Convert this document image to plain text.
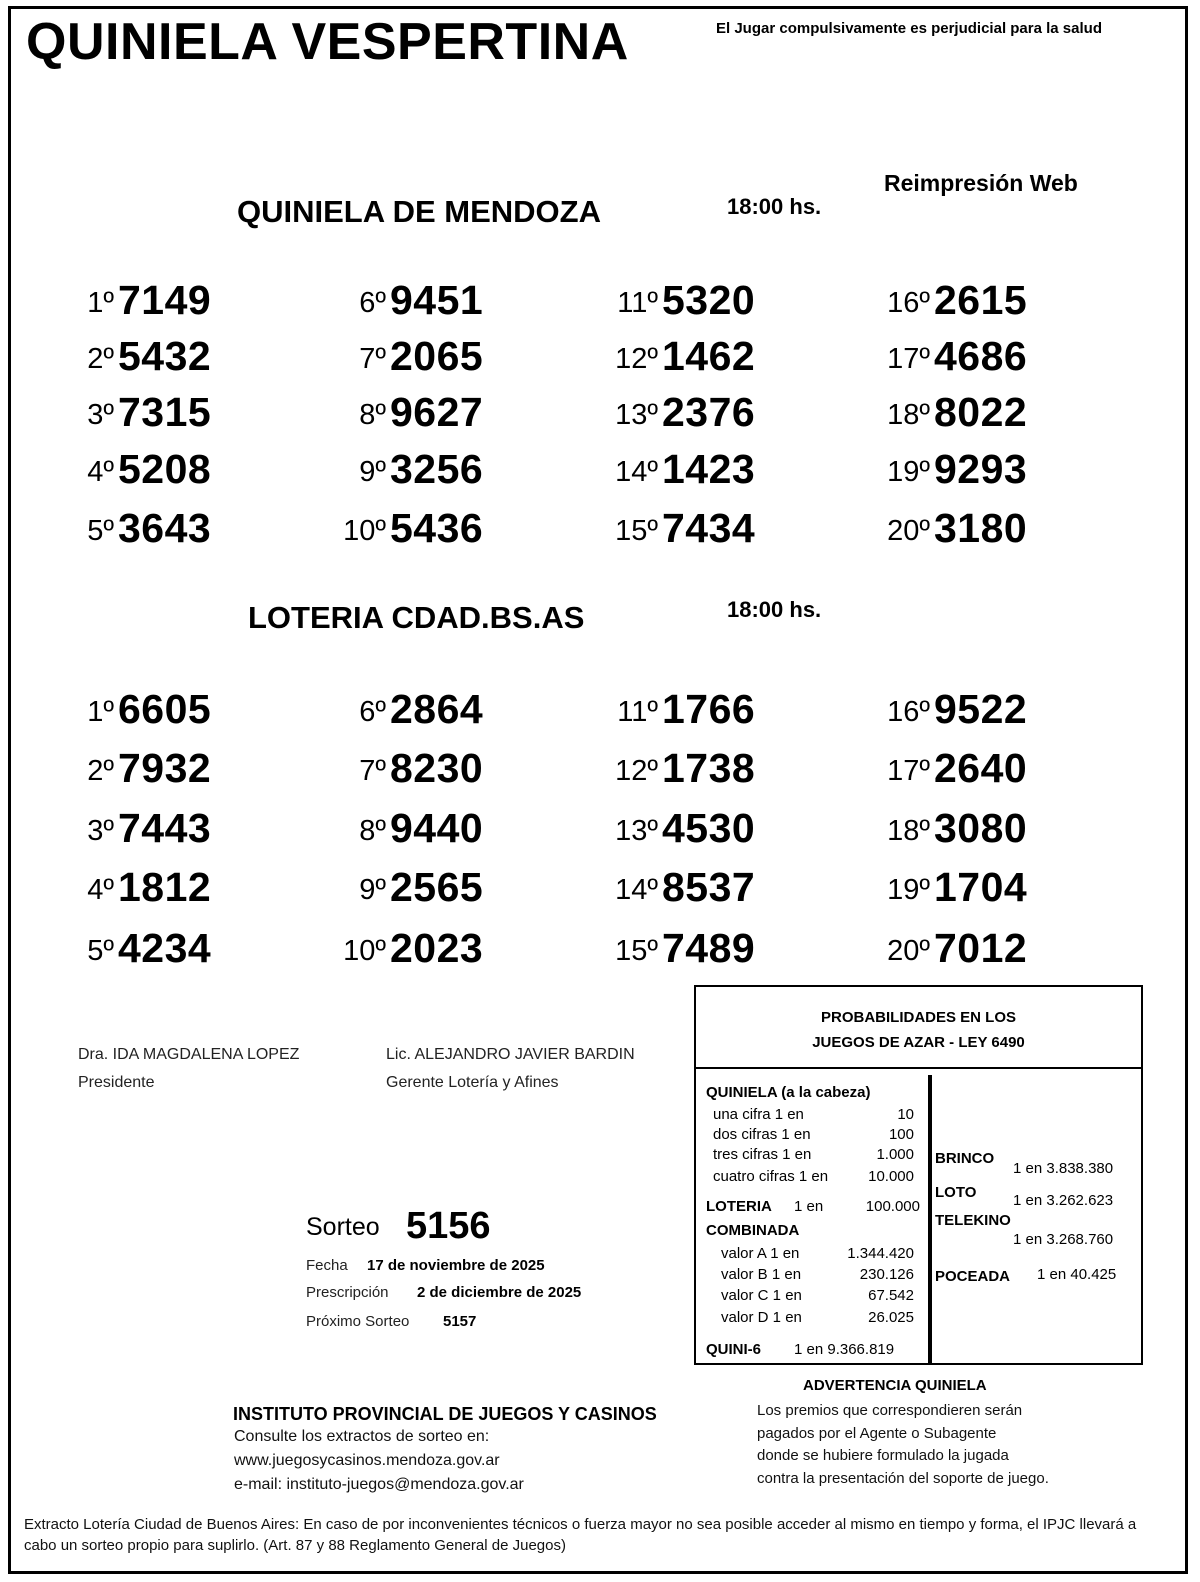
QUINIELA VESPERTINA	El Jugar compulsivamente es perjudicial para la salud
Reimpresión Web
QUINIELA DE MENDOZA	18:00 hs.
1º 7149
2º 5432
3º 7315
4º 5208
5º 3643
6º 9451
7º 2065
8º 9627
9º 3256
10º 5436
11º 5320
12º 1462
13º 2376
14º 1423
15º 7434
16º 2615
17º 4686
18º 8022
19º 9293
20º 3180
LOTERIA CDAD.BS.AS	18:00 hs.
1º 6605
2º 7932
3º 7443
4º 1812
5º 4234
6º 2864
7º 8230
8º 9440
9º 2565
10º 2023
11º 1766
12º 1738
13º 4530
14º 8537
15º 7489
16º 9522
17º 2640
18º 3080
19º 1704
20º 7012
Dra. IDA MAGDALENA LOPEZ
Presidente
Lic. ALEJANDRO JAVIER BARDIN
Gerente Lotería y Afines
Sorteo 5156
Fecha 17 de noviembre de 2025
Prescripción 2 de diciembre de 2025
Próximo Sorteo 5157
PROBABILIDADES EN LOS
JUEGOS DE AZAR - LEY 6490
QUINIELA (a la cabeza)
una cifra 1 en	10
dos cifras 1 en	100
tres cifras 1 en	1.000
cuatro cifras 1 en	10.000
LOTERIA 1 en	100.000
COMBINADA
valor A 1 en	1.344.420
valor B 1 en	230.126
valor C 1 en	67.542
valor D 1 en	26.025
QUINI-6 1 en 9.366.819
BRINCO
1 en 3.838.380
LOTO 1 en 3.262.623
TELEKINO
1 en 3.268.760
POCEADA 1 en 40.425
INSTITUTO PROVINCIAL DE JUEGOS Y CASINOS
Consulte los extractos de sorteo en:
www.juegosycasinos.mendoza.gov.ar
e-mail: instituto-juegos@mendoza.gov.ar
ADVERTENCIA QUINIELA
Los premios que correspondieren serán
pagados por el Agente o Subagente
donde se hubiere formulado la jugada
contra la presentación del soporte de juego.
Extracto Lotería Ciudad de Buenos Aires: En caso de por inconvenientes técnicos o fuerza mayor no sea posible acceder al mismo en tiempo y forma, el IPJC llevará a cabo un sorteo propio para suplirlo. (Art. 87 y 88 Reglamento General de Juegos)
